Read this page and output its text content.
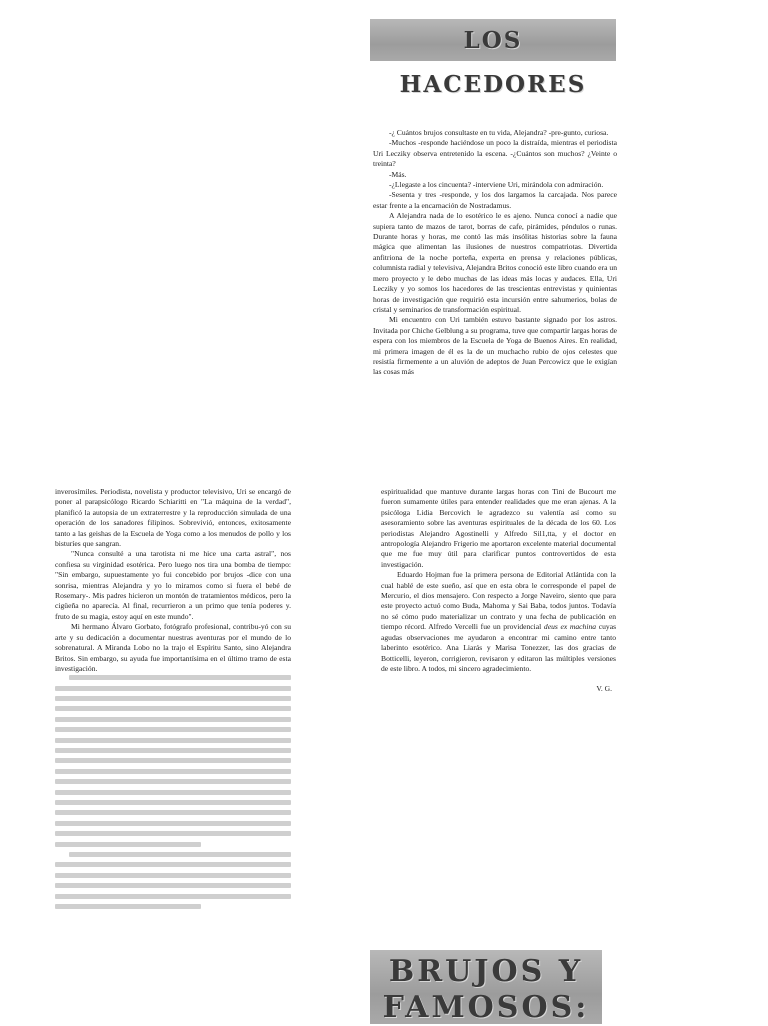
LOS HACEDORES

-¿ Cuántos brujos consultaste en tu vida, Alejandra? -pre-gunto, curiosa.

-Muchos -responde haciéndose un poco la distraída, mientras el periodista Uri Lecziky observa entretenido la escena. -¿Cuántos son muchos? ¿Veinte o treinta?

-Más.

-¿Llegaste a los cincuenta? -interviene Uri, mirándola con admiración.

-Sesenta y tres -responde, y los dos largamos la carcajada. Nos parece estar frente a la encarnación de Nostradamus.

A Alejandra nada de lo esotérico le es ajeno. Nunca conocí a nadie que supiera tanto de mazos de tarot, borras de cafe, pirámides, péndulos o runas. Durante horas y horas, me contó las más insólitas historias sobre la fauna mágica que alimentan las ilusiones de nuestros compatriotas. Divertida anfitriona de la noche porteña, experta en prensa y relaciones públicas, columnista radial y televisiva, Alejandra Britos conoció este libro cuando era un mero proyecto y le debo muchas de las ideas más locas y audaces. Ella, Uri Lecziky y yo somos los hacedores de las trescientas entrevistas y quinientas horas de investigación que requirió esta incursión entre sahumerios, bolas de cristal y seminarios de transformación espiritual.

Mi encuentro con Uri también estuvo bastante signado por los astros. Invitada por Chiche Gelblung a su programa, tuve que compartir largas horas de espera con los miembros de la Escuela de Yoga de Buenos Aires. En realidad, mi primera imagen de él es la de un muchacho rubio de ojos celestes que resistía firmemente a un aluvión de adeptos de Juan Percowicz que le exigían las cosas más

inverosímiles. Periodista, novelista y productor televisivo, Uri se encargó de poner al parapsicólogo Ricardo Schiaritti en "La máquina de la verdad", planificó la autopsia de un extraterrestre y la reproducción simulada de una operación de los sanadores filipinos. Sobrevivió, entonces, exitosamente tanto a las geishas de la Escuela de Yoga como a los menudos de pollo y los bisturíes que sangran.

"Nunca consulté a una tarotista ni me hice una carta astral", nos confiesa su virginidad esotérica. Pero luego nos tira una bomba de tiempo: "Sin embargo, supuestamente yo fui concebido por brujos -dice con una sonrisa, mientras Alejandra y yo lo miramos como si fuera el bebé de Rosemary-. Mis padres hicieron un montón de tratamientos médicos, pero la cigüeña no aparecía. Al final, recurrieron a un primo que tenía poderes y. fruto de su magia, estoy aquí en este mundo".

Mi hermano Álvaro Gorbato, fotógrafo profesional, contribu-yó con su arte y su dedicación a documentar nuestras aventuras por el mundo de lo sobrenatural. A Miranda Lobo no la trajo el Espíritu Santo, sino Alejandra Britos. Sin embargo, su ayuda fue importantísima en el último tramo de esta investigación.

espiritualidad que mantuve durante largas horas con Tini de Bucourt me fueron sumamente útiles para entender realidades que me eran ajenas. A la psicóloga Lidia Bercovich le agradezco su valentía así como su asesoramiento sobre las aventuras espirituales de la década de los 60. Los periodistas Alejandro Agostinelli y Alfredo Sil1,tta, y el doctor en antropología Alejandro Frigerio me aportaron excelente material documental que me fue muy útil para clarificar puntos controvertidos de esta investigación.

Eduardo Hojman fue la primera persona de Editorial Atlántida con la cual hablé de este sueño, así que en esta obra le corresponde el papel de Mercurio, el dios mensajero. Con respecto a Jorge Naveiro, siento que para este proyecto actuó como Buda, Mahoma y Sai Baba, todos juntos. Todavía no sé cómo pudo materializar un contrato y una fecha de publicación en tiempo récord. Alfredo Vercelli fue un providencial deus ex machina cuyas agudas observaciones me ayudaron a encontrar mi camino entre tanto laberinto esotérico. Ana Liarás y Marisa Tonezzer, las dos gracias de Botticelli, leyeron, corrigieron, revisaron y editaron las múltiples versiones de este libro. A todos, mi sincero agradecimiento.

V. G.

BRUJOS Y
FAMOSOS:
